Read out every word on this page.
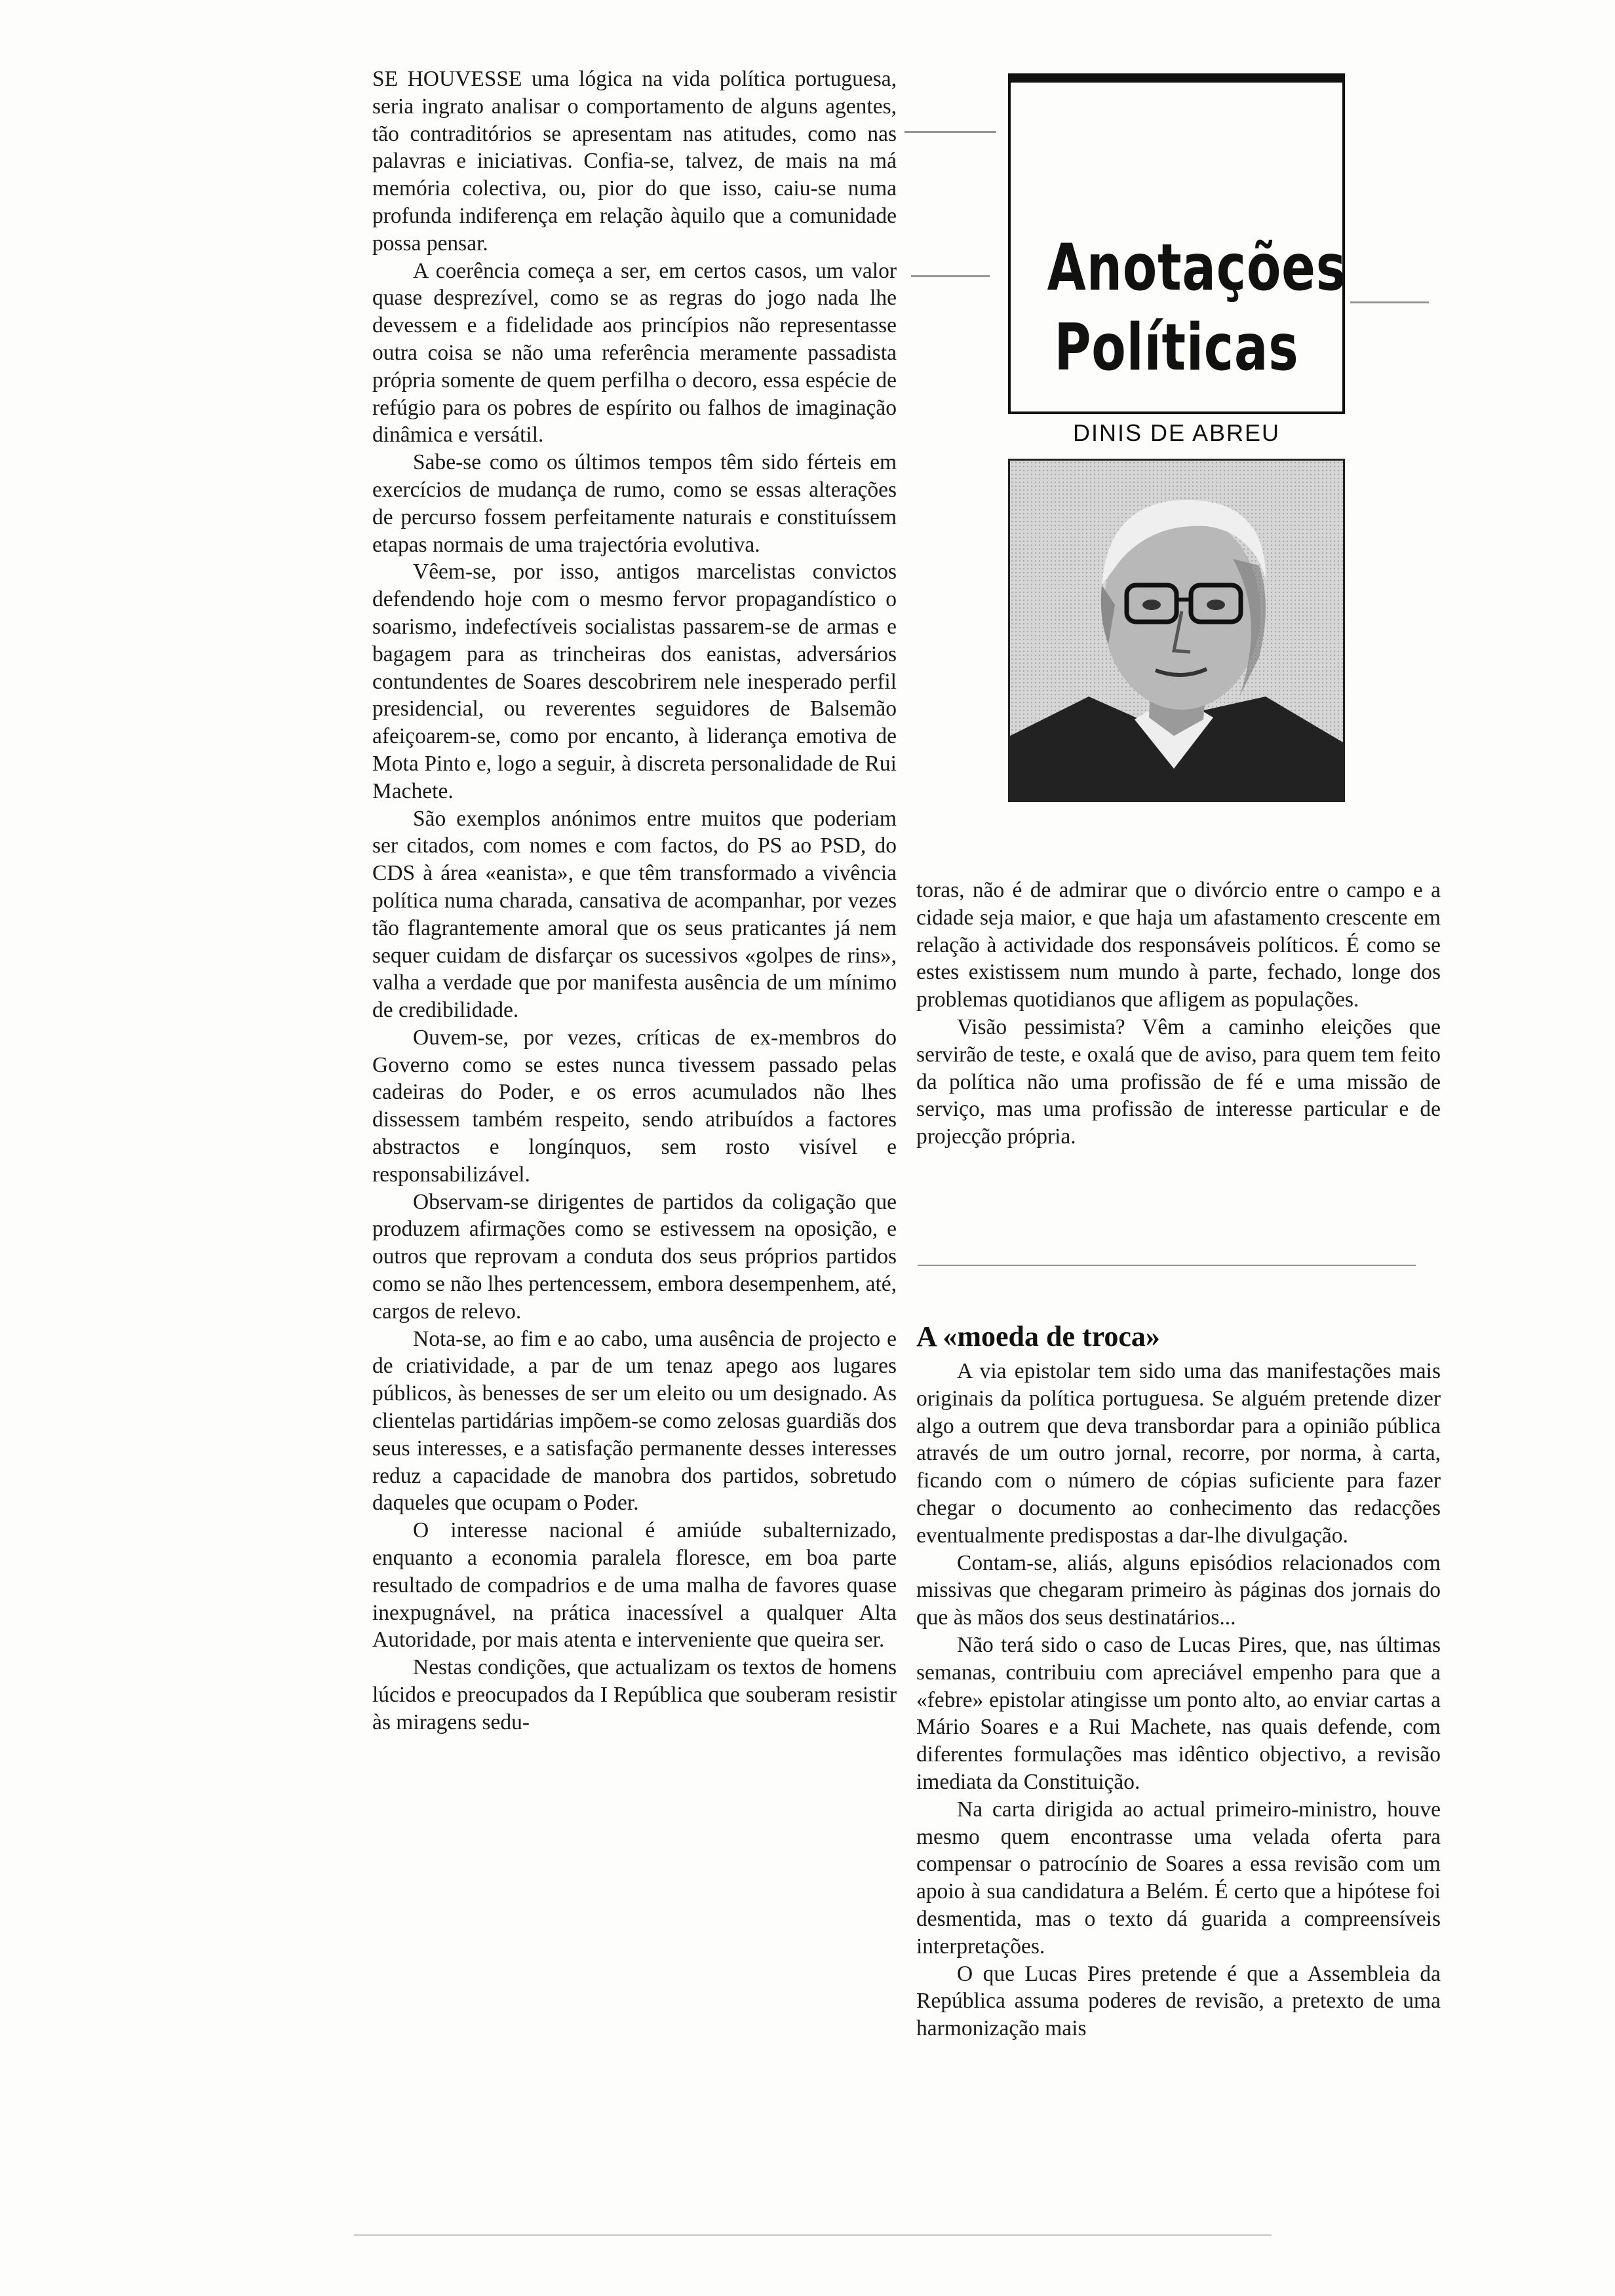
SE HOUVESSE uma lógica na vida política portuguesa, seria ingrato analisar o comportamento de alguns agentes, tão contraditórios se apresentam nas atitudes, como nas palavras e iniciativas. Confia-se, talvez, de mais na má memória colectiva, ou, pior do que isso, caiu-se numa profunda indiferença em relação àquilo que a comunidade possa pensar.

A coerência começa a ser, em certos casos, um valor quase desprezível, como se as regras do jogo nada lhe devessem e a fidelidade aos princípios não representasse outra coisa se não uma referência meramente passadista própria somente de quem perfilha o decoro, essa espécie de refúgio para os pobres de espírito ou falhos de imaginação dinâmica e versátil.

Sabe-se como os últimos tempos têm sido férteis em exercícios de mudança de rumo, como se essas alterações de percurso fossem perfeitamente naturais e constituíssem etapas normais de uma trajectória evolutiva.

Vêem-se, por isso, antigos marcelistas convictos defendendo hoje com o mesmo fervor propagandístico o soarismo, indefectíveis socialistas passarem-se de armas e bagagem para as trincheiras dos eanistas, adversários contundentes de Soares descobrirem nele inesperado perfil presidencial, ou reverentes seguidores de Balsemão afeiçoarem-se, como por encanto, à liderança emotiva de Mota Pinto e, logo a seguir, à discreta personalidade de Rui Machete.

São exemplos anónimos entre muitos que poderiam ser citados, com nomes e com factos, do PS ao PSD, do CDS à área «eanista», e que têm transformado a vivência política numa charada, cansativa de acompanhar, por vezes tão flagrantemente amoral que os seus praticantes já nem sequer cuidam de disfarçar os sucessivos «golpes de rins», valha a verdade que por manifesta ausência de um mínimo de credibilidade.

Ouvem-se, por vezes, críticas de ex-membros do Governo como se estes nunca tivessem passado pelas cadeiras do Poder, e os erros acumulados não lhes dissessem também respeito, sendo atribuídos a factores abstractos e longínquos, sem rosto visível e responsabilizável.

Observam-se dirigentes de partidos da coligação que produzem afirmações como se estivessem na oposição, e outros que reprovam a conduta dos seus próprios partidos como se não lhes pertencessem, embora desempenhem, até, cargos de relevo.

Nota-se, ao fim e ao cabo, uma ausência de projecto e de criatividade, a par de um tenaz apego aos lugares públicos, às benesses de ser um eleito ou um designado. As clientelas partidárias impõem-se como zelosas guardiãs dos seus interesses, e a satisfação permanente desses interesses reduz a capacidade de manobra dos partidos, sobretudo daqueles que ocupam o Poder.

O interesse nacional é amiúde subalternizado, enquanto a economia paralela floresce, em boa parte resultado de compadrios e de uma malha de favores quase inexpugnável, na prática inacessível a qualquer Alta Autoridade, por mais atenta e interveniente que queira ser.

Nestas condições, que actualizam os textos de homens lúcidos e preocupados da I República que souberam resistir às miragens sedu-

Anotações
Políticas
DINIS DE ABREU

toras, não é de admirar que o divórcio entre o campo e a cidade seja maior, e que haja um afastamento crescente em relação à actividade dos responsáveis políticos. É como se estes existissem num mundo à parte, fechado, longe dos problemas quotidianos que afligem as populações.

Visão pessimista? Vêm a caminho eleições que servirão de teste, e oxalá que de aviso, para quem tem feito da política não uma profissão de fé e uma missão de serviço, mas uma profissão de interesse particular e de projecção própria.

A «moeda de troca»

A via epistolar tem sido uma das manifestações mais originais da política portuguesa. Se alguém pretende dizer algo a outrem que deva transbordar para a opinião pública através de um outro jornal, recorre, por norma, à carta, ficando com o número de cópias suficiente para fazer chegar o documento ao conhecimento das redacções eventualmente predispostas a dar-lhe divulgação.

Contam-se, aliás, alguns episódios relacionados com missivas que chegaram primeiro às páginas dos jornais do que às mãos dos seus destinatários...

Não terá sido o caso de Lucas Pires, que, nas últimas semanas, contribuiu com apreciável empenho para que a «febre» epistolar atingisse um ponto alto, ao enviar cartas a Mário Soares e a Rui Machete, nas quais defende, com diferentes formulações mas idêntico objectivo, a revisão imediata da Constituição.

Na carta dirigida ao actual primeiro-ministro, houve mesmo quem encontrasse uma velada oferta para compensar o patrocínio de Soares a essa revisão com um apoio à sua candidatura a Belém. É certo que a hipótese foi desmentida, mas o texto dá guarida a compreensíveis interpretações.

O que Lucas Pires pretende é que a Assembleia da República assuma poderes de revisão, a pretexto de uma harmonização mais
